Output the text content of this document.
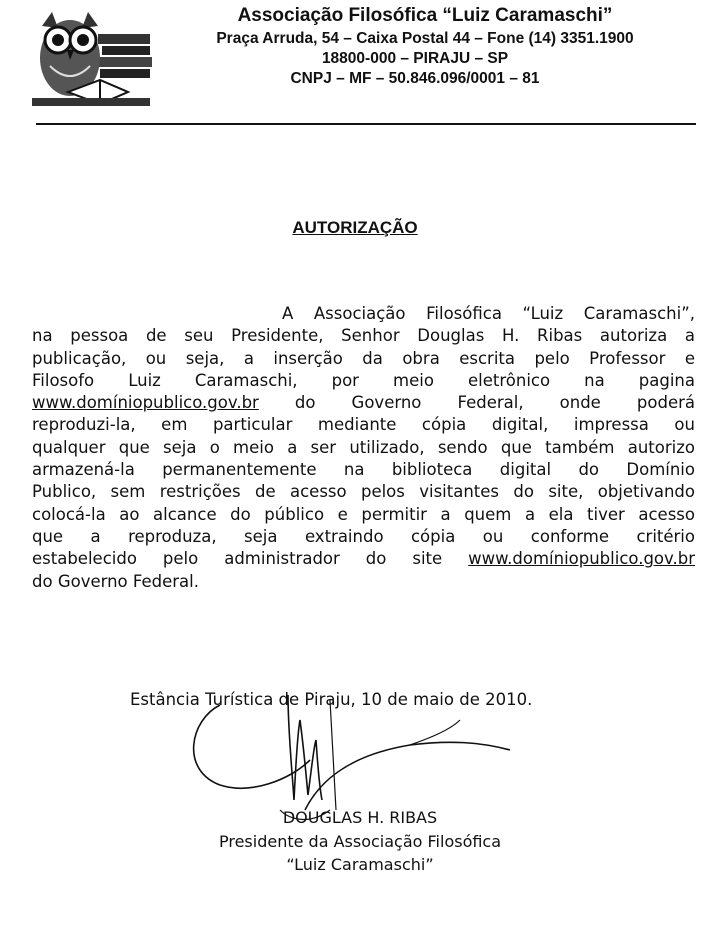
Associação Filosófica “Luiz Caramaschi”
Praça Arruda, 54 – Caixa Postal 44 – Fone (14) 3351.1900
18800-000 – PIRAJU – SP
CNPJ – MF – 50.846.096/0001 – 81
AUTORIZAÇÃO
A Associação Filosófica “Luiz Caramaschi”,
na pessoa de seu Presidente, Senhor Douglas H. Ribas autoriza a
publicação, ou seja, a inserção da obra escrita pelo Professor e
Filosofo Luiz Caramaschi, por meio eletrônico na pagina
www.domíniopublico.gov.br do Governo Federal, onde poderá
reproduzi-la, em particular mediante cópia digital, impressa ou
qualquer que seja o meio a ser utilizado, sendo que também autorizo
armazená-la permanentemente na biblioteca digital do Domínio
Publico, sem restrições de acesso pelos visitantes do site, objetivando
colocá-la ao alcance do público e permitir a quem a ela tiver acesso
que a reproduza, seja extraindo cópia ou conforme critério
estabelecido pelo administrador do site www.domíniopublico.gov.br
do Governo Federal.
Estância Turística de Piraju, 10 de maio de 2010.
DOUGLAS H. RIBAS
Presidente da Associação Filosófica
“Luiz Caramaschi”
